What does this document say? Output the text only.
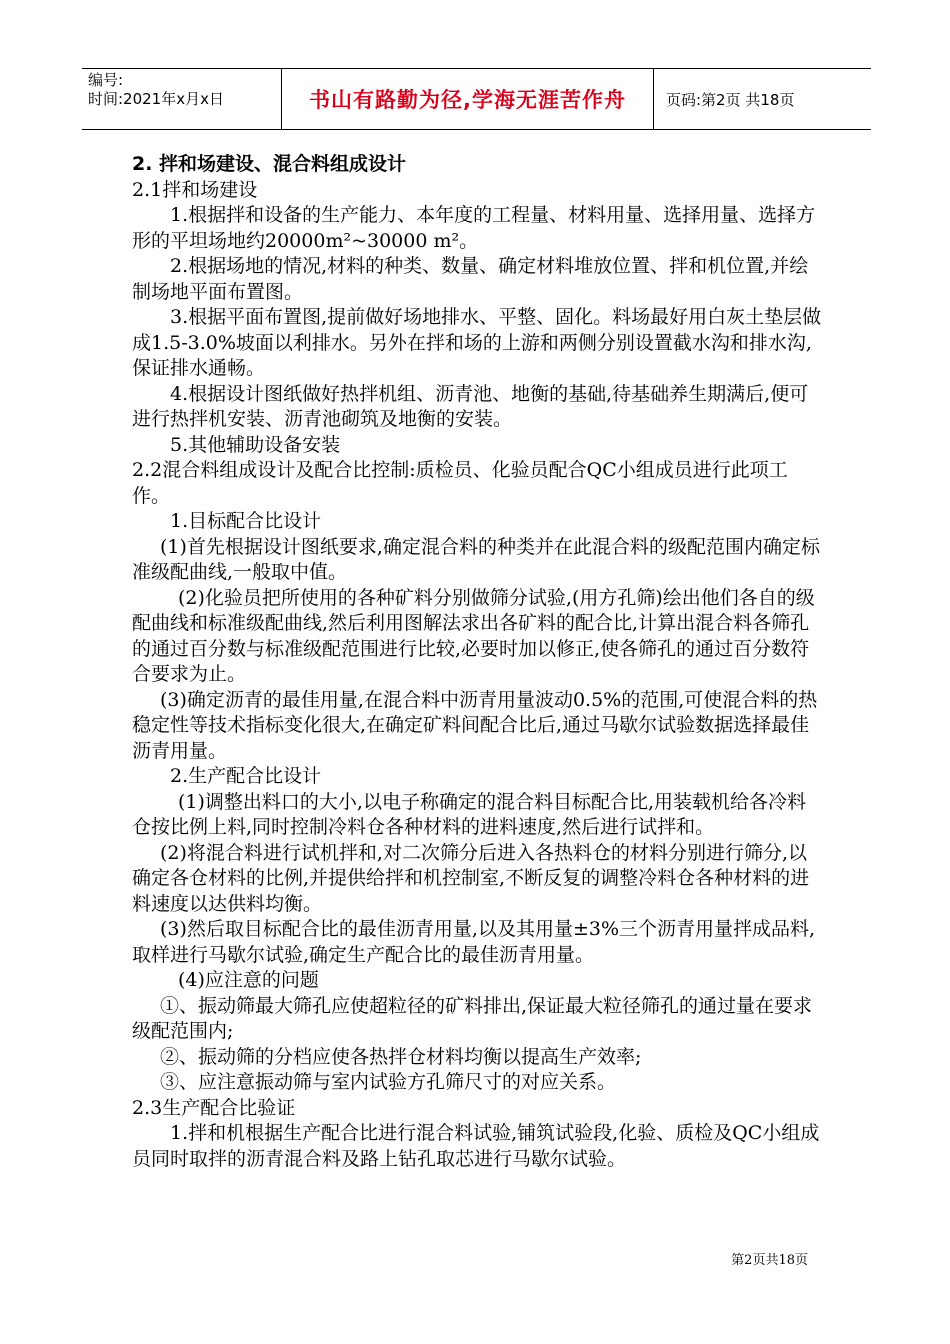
编号:
时间:2021年x月x日	书山有路勤为径,学海无涯苦作舟	页码:第2页 共18页

2. 拌和场建设、混合料组成设计

2.1拌和场建设

1.根据拌和设备的生产能力、本年度的工程量、材料用量、选择用量、选择方形的平坦场地约20000m²~30000 m²。

2.根据场地的情况,材料的种类、数量、确定材料堆放位置、拌和机位置,并绘制场地平面布置图。

3.根据平面布置图,提前做好场地排水、平整、固化。料场最好用白灰土垫层做成1.5-3.0%坡面以利排水。另外在拌和场的上游和两侧分别设置截水沟和排水沟,保证排水通畅。

4.根据设计图纸做好热拌机组、沥青池、地衡的基础,待基础养生期满后,便可进行热拌机安装、沥青池砌筑及地衡的安装。

5.其他辅助设备安装

2.2混合料组成设计及配合比控制:质检员、化验员配合QC小组成员进行此项工作。

1.目标配合比设计

(1)首先根据设计图纸要求,确定混合料的种类并在此混合料的级配范围内确定标准级配曲线,一般取中值。

(2)化验员把所使用的各种矿料分别做筛分试验,(用方孔筛)绘出他们各自的级配曲线和标准级配曲线,然后利用图解法求出各矿料的配合比,计算出混合料各筛孔的通过百分数与标准级配范围进行比较,必要时加以修正,使各筛孔的通过百分数符合要求为止。

(3)确定沥青的最佳用量,在混合料中沥青用量波动0.5%的范围,可使混合料的热稳定性等技术指标变化很大,在确定矿料间配合比后,通过马歇尔试验数据选择最佳沥青用量。

2.生产配合比设计

(1)调整出料口的大小,以电子称确定的混合料目标配合比,用装载机给各冷料仓按比例上料,同时控制冷料仓各种材料的进料速度,然后进行试拌和。

(2)将混合料进行试机拌和,对二次筛分后进入各热料仓的材料分别进行筛分,以确定各仓材料的比例,并提供给拌和机控制室,不断反复的调整冷料仓各种材料的进料速度以达供料均衡。

(3)然后取目标配合比的最佳沥青用量,以及其用量±3%三个沥青用量拌成品料,取样进行马歇尔试验,确定生产配合比的最佳沥青用量。

(4)应注意的问题

①、振动筛最大筛孔应使超粒径的矿料排出,保证最大粒径筛孔的通过量在要求级配范围内;

②、振动筛的分档应使各热拌仓材料均衡以提高生产效率;

③、应注意振动筛与室内试验方孔筛尺寸的对应关系。

2.3生产配合比验证

1.拌和机根据生产配合比进行混合料试验,铺筑试验段,化验、质检及QC小组成员同时取拌的沥青混合料及路上钻孔取芯进行马歇尔试验。

第2页共18页
